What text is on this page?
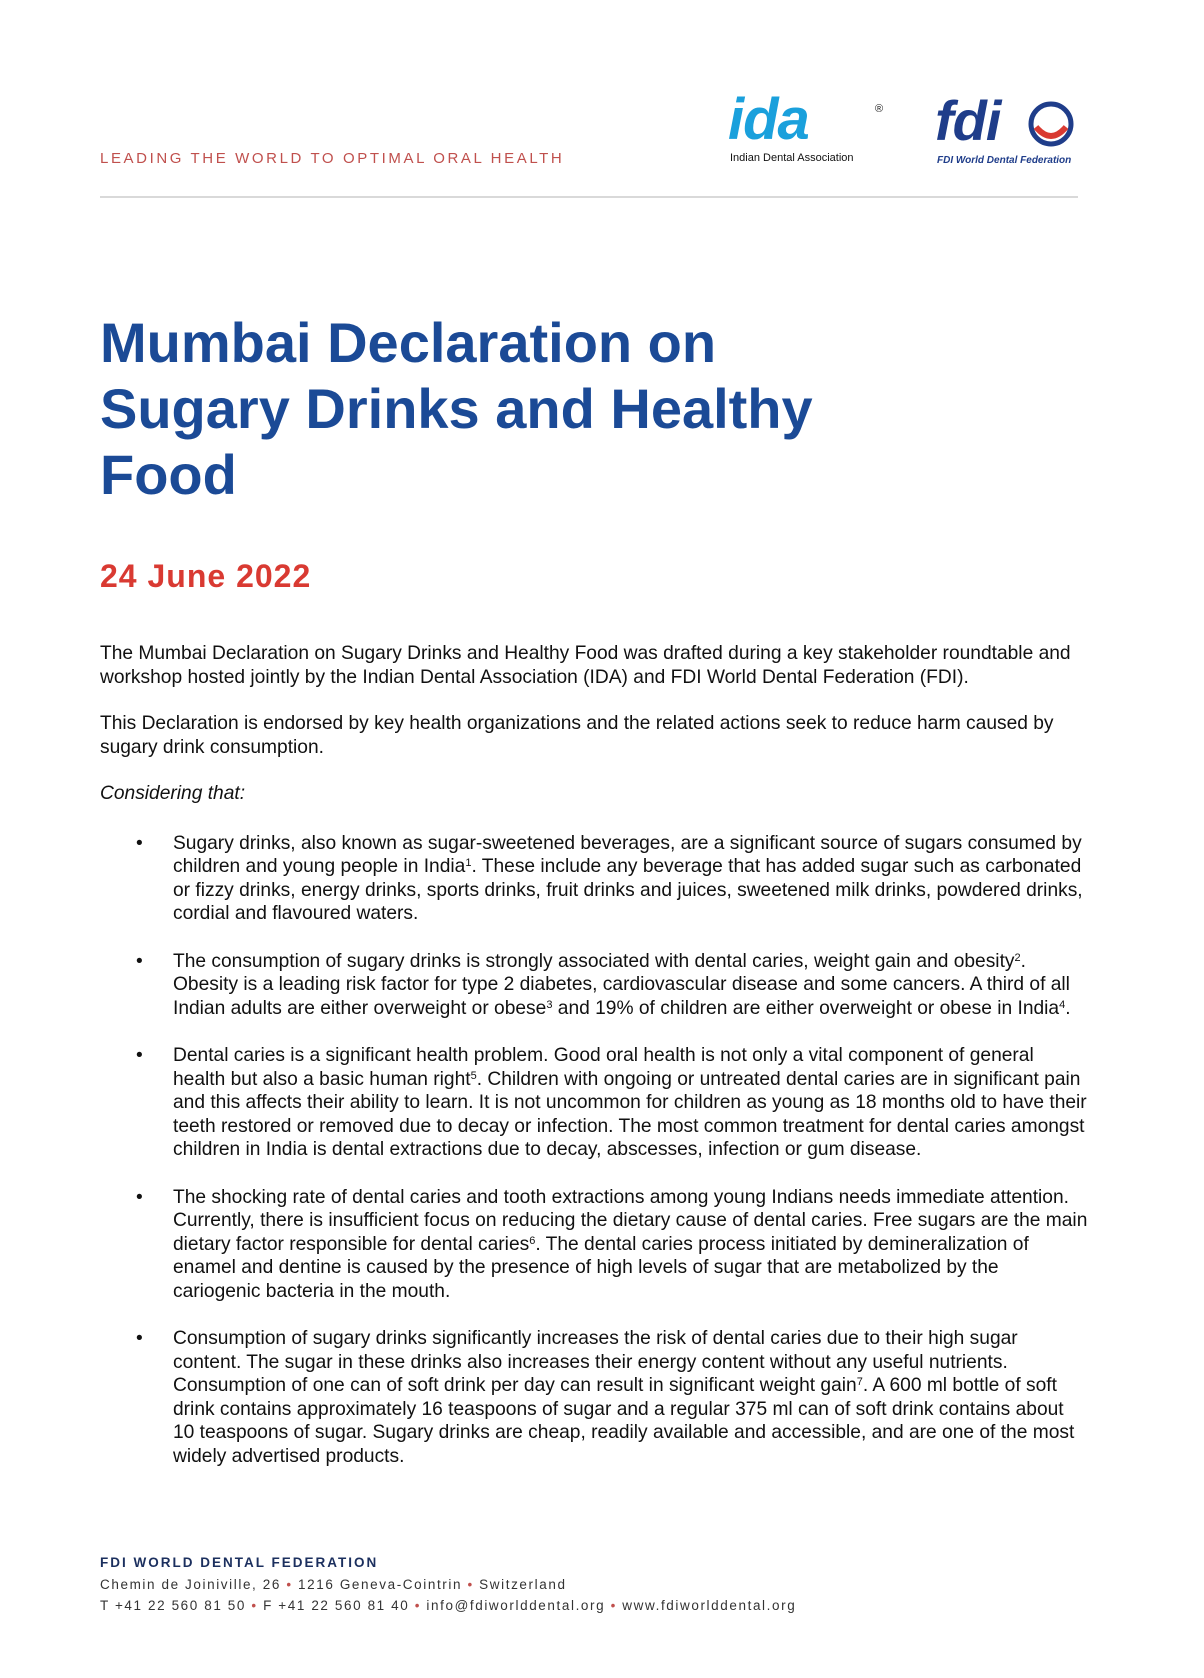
LEADING THE WORLD TO OPTIMAL ORAL HEALTH
ida	®
Indian Dental Association
fdi
FDI World Dental Federation
Mumbai Declaration on Sugary Drinks and Healthy Food
24 June 2022

The Mumbai Declaration on Sugary Drinks and Healthy Food was drafted during a key stakeholder roundtable and workshop hosted jointly by the Indian Dental Association (IDA) and FDI World Dental Federation (FDI).

This Declaration is endorsed by key health organizations and the related actions seek to reduce harm caused by sugary drink consumption.

Considering that:

• Sugary drinks, also known as sugar-sweetened beverages, are a significant source of sugars consumed by children and young people in India$^1$. These include any beverage that has added sugar such as carbonated or fizzy drinks, energy drinks, sports drinks, fruit drinks and juices, sweetened milk drinks, powdered drinks, cordial and flavoured waters.
• The consumption of sugary drinks is strongly associated with dental caries, weight gain and obesity$^2$. Obesity is a leading risk factor for type 2 diabetes, cardiovascular disease and some cancers. A third of all Indian adults are either overweight or obese$^3$ and 19% of children are either overweight or obese in India$^4$.
• Dental caries is a significant health problem. Good oral health is not only a vital component of general health but also a basic human right$^5$. Children with ongoing or untreated dental caries are in significant pain and this affects their ability to learn. It is not uncommon for children as young as 18 months old to have their teeth restored or removed due to decay or infection. The most common treatment for dental caries amongst children in India is dental extractions due to decay, abscesses, infection or gum disease.
• The shocking rate of dental caries and tooth extractions among young Indians needs immediate attention. Currently, there is insufficient focus on reducing the dietary cause of dental caries. Free sugars are the main dietary factor responsible for dental caries$^6$. The dental caries process initiated by demineralization of enamel and dentine is caused by the presence of high levels of sugar that are metabolized by the cariogenic bacteria in the mouth.
• Consumption of sugary drinks significantly increases the risk of dental caries due to their high sugar content. The sugar in these drinks also increases their energy content without any useful nutrients. Consumption of one can of soft drink per day can result in significant weight gain$^7$. A 600 ml bottle of soft drink contains approximately 16 teaspoons of sugar and a regular 375 ml can of soft drink contains about 10 teaspoons of sugar. Sugary drinks are cheap, readily available and accessible, and are one of the most widely advertised products.
FDI WORLD DENTAL FEDERATION
Chemin de Joiniville, 26 • 1216 Geneva-Cointrin • Switzerland
T +41 22 560 81 50 • F +41 22 560 81 40 • info@fdiworlddental.org • www.fdiworlddental.org
